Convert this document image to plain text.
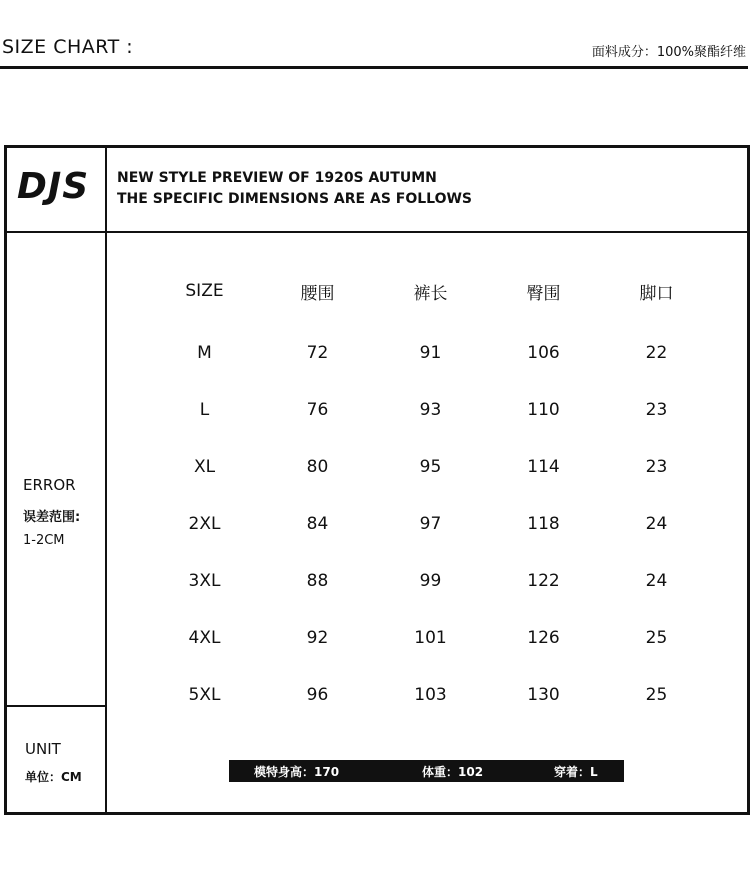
SIZE CHART :	面料成分：100%聚酯纤维
DJS NEW STYLE PREVIEW OF 1920S AUTUMN
THE SPECIFIC DIMENSIONS ARE AS FOLLOWS
ERROR
误差范围:
1-2CM
UNIT
单位：CM
SIZE	腰围	裤长	臀围	脚口
M	72	91	106	22
L	76	93	110	23
XL	80	95	114	23
2XL	84	97	118	24
3XL	88	99	122	24
4XL	92	101	126	25
5XL	96	103	130	25
模特身高：170	体重：102	穿着：L
